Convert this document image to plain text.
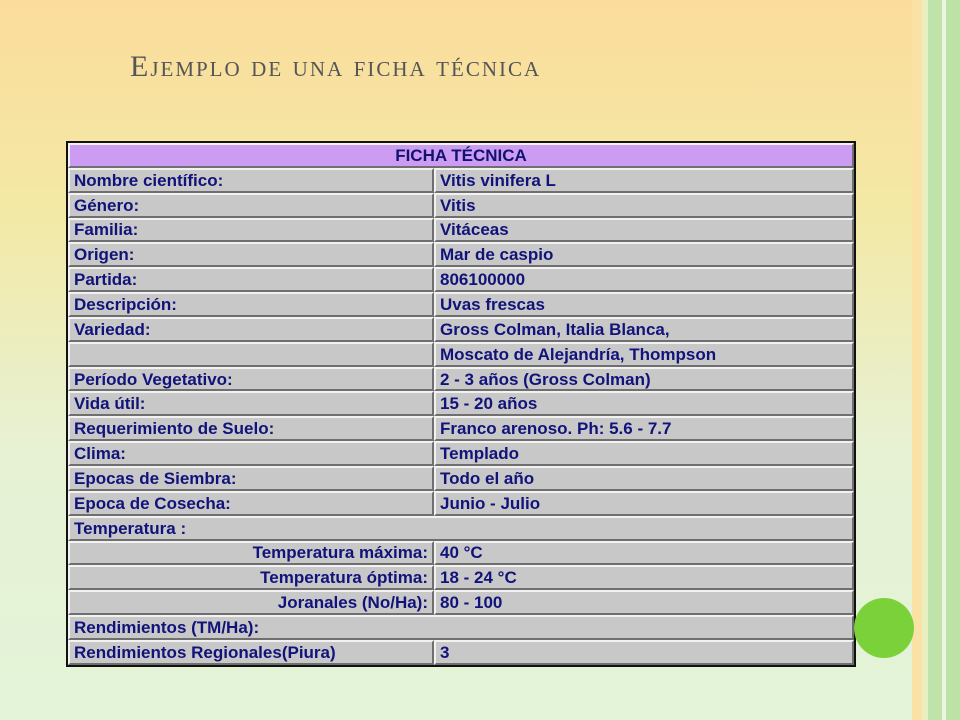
Ejemplo de una ficha técnica
FICHA TÉCNICA	
Nombre científico:	Vitis vinifera L
Género:	Vitis
Familia:	Vitáceas
Origen:	Mar de caspio
Partida:	806100000
Descripción:	Uvas frescas
Variedad:	Gross Colman, Italia Blanca,
	Moscato de Alejandría, Thompson
Período Vegetativo:	2 - 3 años (Gross Colman)
Vida útil:	15 - 20 años
Requerimiento de Suelo:	Franco arenoso. Ph: 5.6 - 7.7
Clima:	Templado
Epocas de Siembra:	Todo el año
Epoca de Cosecha:	Junio - Julio
Temperatura :	
Temperatura máxima:	40 °C
Temperatura óptima:	18 - 24 °C
Joranales (No/Ha):	80 - 100
Rendimientos (TM/Ha):	
Rendimientos Regionales(Piura)	3
